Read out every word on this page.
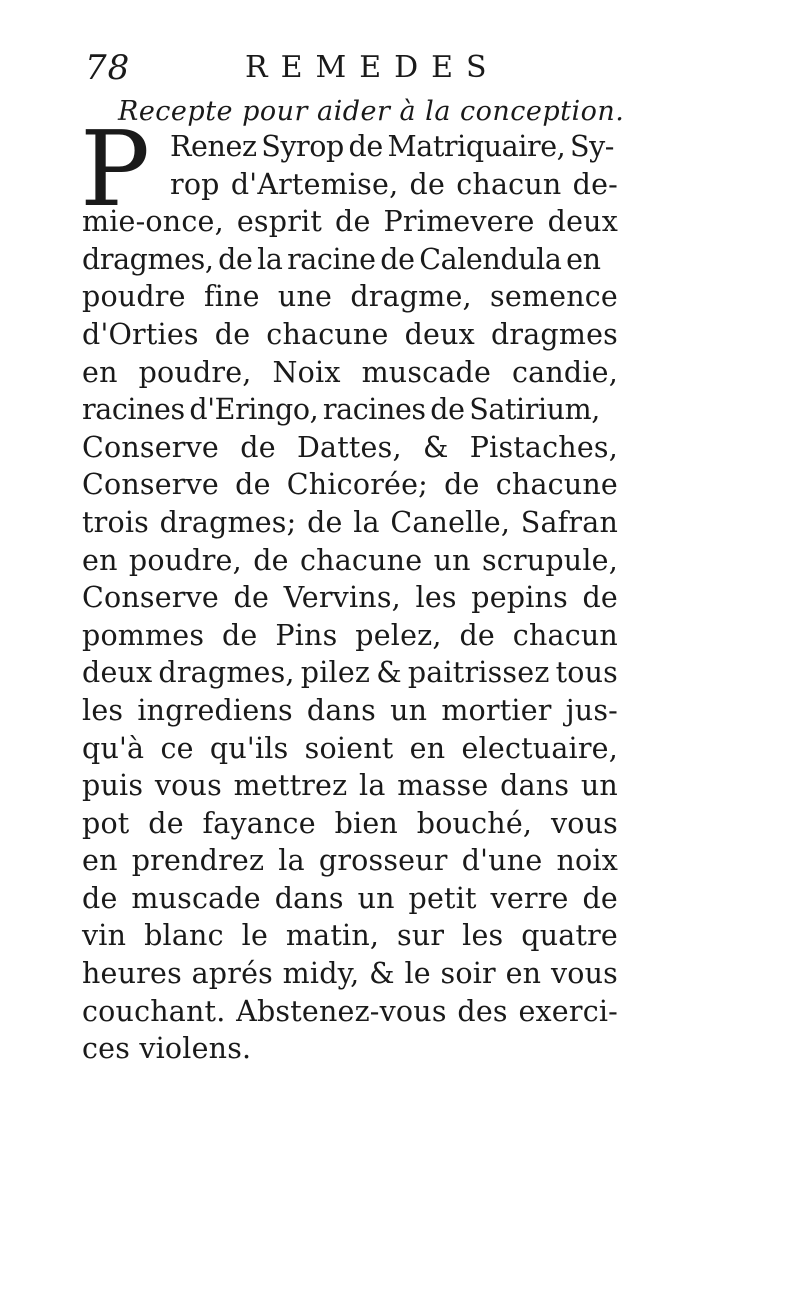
78	REMEDES
Recepte pour aider à la conception.
P Renez Syrop de Matriquaire, Sy-
rop d'Artemise, de chacun de-
mie-once, esprit de Primevere deux
dragmes, de la racine de Calendula en
poudre fine une dragme, semence
d'Orties de chacune deux dragmes
en poudre, Noix muscade candie,
racines d'Eringo, racines de Satirium,
Conserve de Dattes, & Pistaches,
Conserve de Chicorée; de chacune
trois dragmes; de la Canelle, Safran
en poudre, de chacune un scrupule,
Conserve de Vervins, les pepins de
pommes de Pins pelez, de chacun
deux dragmes, pilez & paitrissez tous
les ingrediens dans un mortier jus-
qu'à ce qu'ils soient en electuaire,
puis vous mettrez la masse dans un
pot de fayance bien bouché, vous
en prendrez la grosseur d'une noix
de muscade dans un petit verre de
vin blanc le matin, sur les quatre
heures aprés midy, & le soir en vous
couchant. Abstenez-vous des exerci-
ces violens.
